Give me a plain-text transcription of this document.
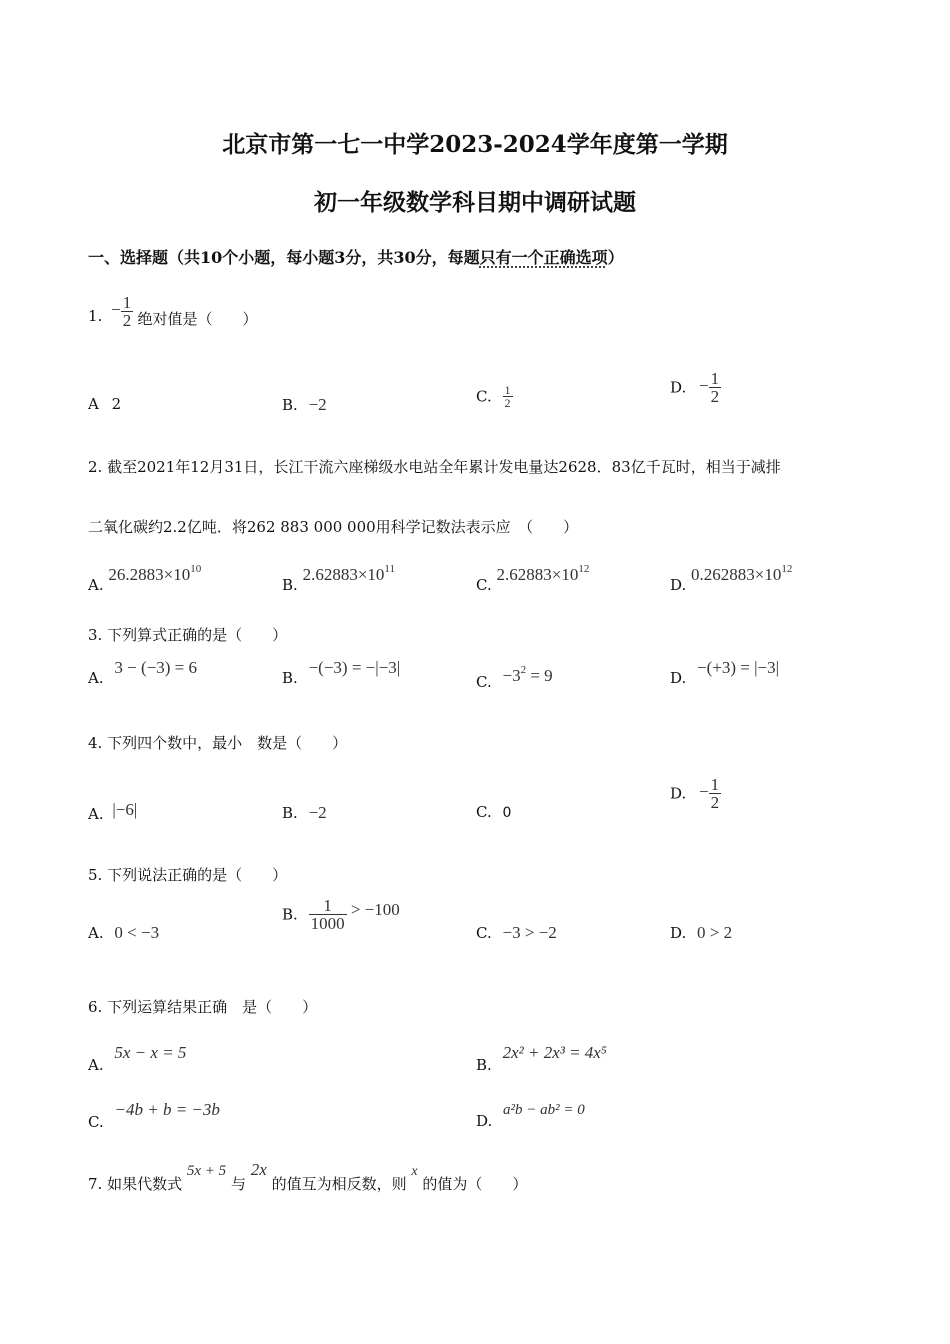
北京市第一七一中学2023-2024学年度第一学期
初一年级数学科目期中调研试题
一、选择题（共10个小题，每小题3分，共30分，每题只有一个正确选项）
1. − $\frac{1}{2}$ 绝对值是（　　）
A 2	B. −2	C. $\frac{1}{2}$	D. − $\frac{1}{2}$
2. 截至2021年12月31日，长江干流六座梯级水电站全年累计发电量达2628．83亿千瓦时，相当于减排
二氧化碳约2.2亿吨．将262 883 000 000用科学记数法表示应　（　　）
A. $26.2883\times 10^{10}$
B. $2.62883\times 10^{11}$
C. $2.62883\times 10^{12}$
D. $0.262883\times 10^{12}$
3. 下列算式正确的是（　　）
A. 3 − (−3) = 6
B. −(−3) = −|−3|
C. $-3^2 = 9$	D. −(+3) = |−3|
4. 下列四个数中，最小　数是（　　）
A. |−6|	B. −2	C. 0
D. − $\frac{1}{2}$
5. 下列说法正确的是（　　）
A. 0 < −3
B. $\frac{1}{1000} > -100$
C. −3 > −2	D. 0 > 2
6. 下列运算结果正确　是（　　）
A. 5x − x = 5
B. 2x² + 2x³ = 4x⁵
C. −4b + b = −3b
D. a²b − ab² = 0
7. 如果代数式 5x + 5 与 2x 的值互为相反数，则 x 的值为（　　）
